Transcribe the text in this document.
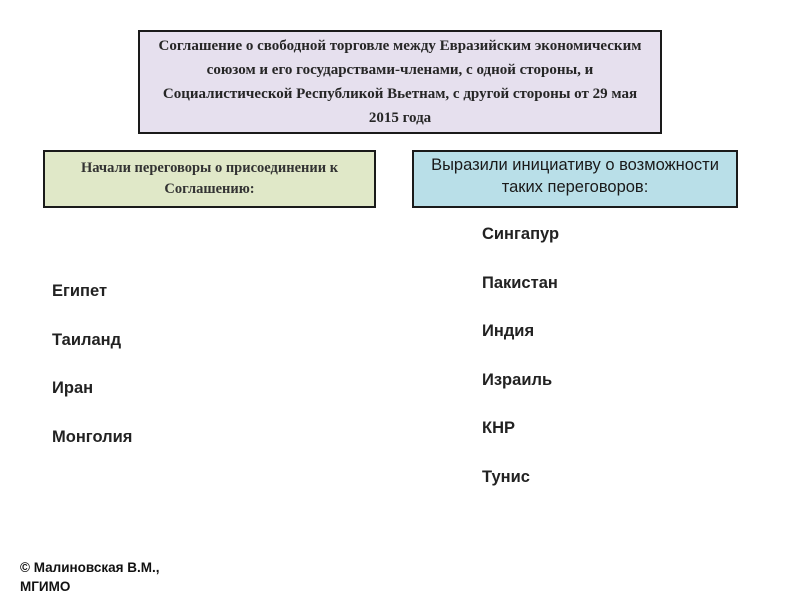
Соглашение о свободной торговле между Евразийским экономическим союзом и его государствами-членами, с одной стороны, и Социалистической Республикой Вьетнам, с другой стороны от 29 мая 2015 года
Начали переговоры о присоединении к Соглашению:
Выразили инициативу о возможности таких переговоров:
Египет
Таиланд
Иран
Монголия
Сингапур
Пакистан
Индия
Израиль
КНР
Тунис
© Малиновская В.М.,
МГИМО
